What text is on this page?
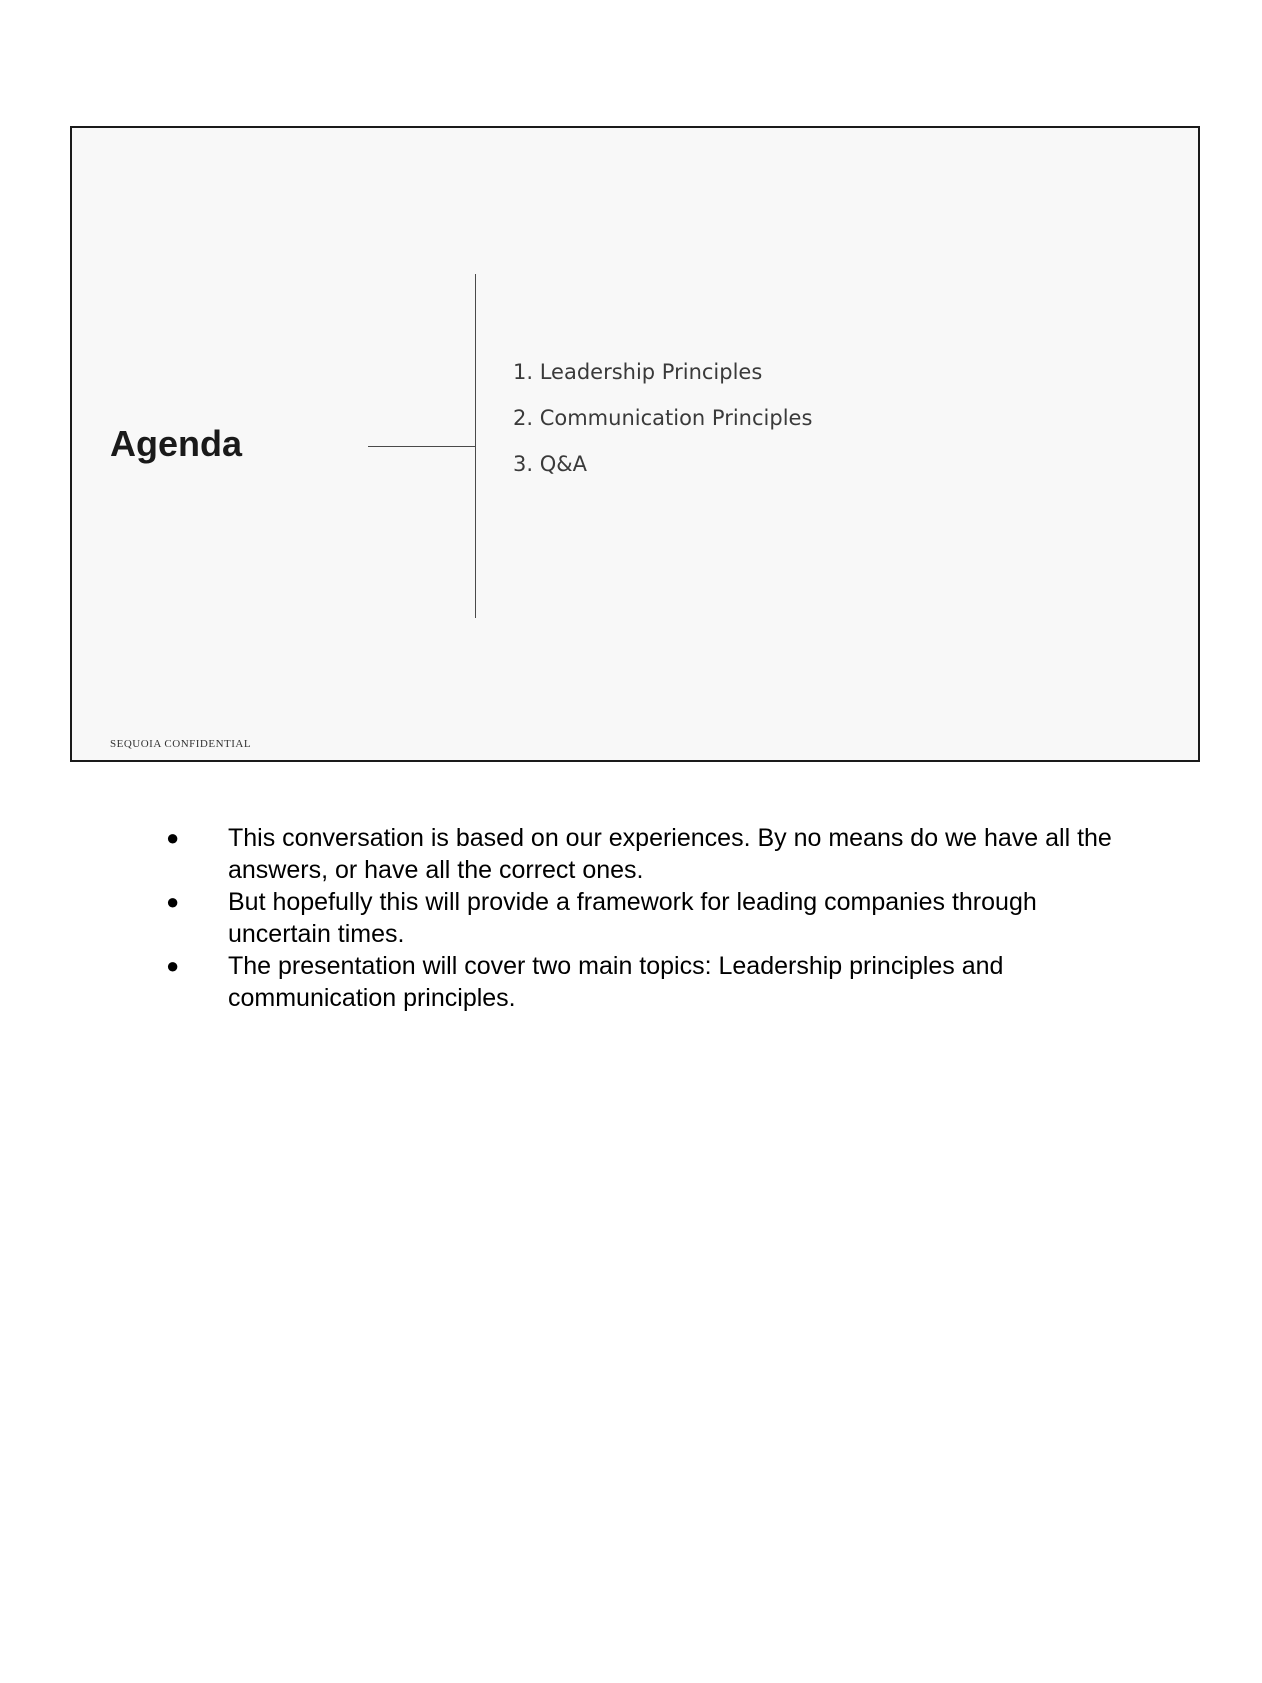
Agenda
1. Leadership Principles
2. Communication Principles
3. Q&A
SEQUOIA CONFIDENTIAL
● This conversation is based on our experiences. By no means do we have all the answers, or have all the correct ones.
● But hopefully this will provide a framework for leading companies through uncertain times.
● The presentation will cover two main topics: Leadership principles and communication principles.
